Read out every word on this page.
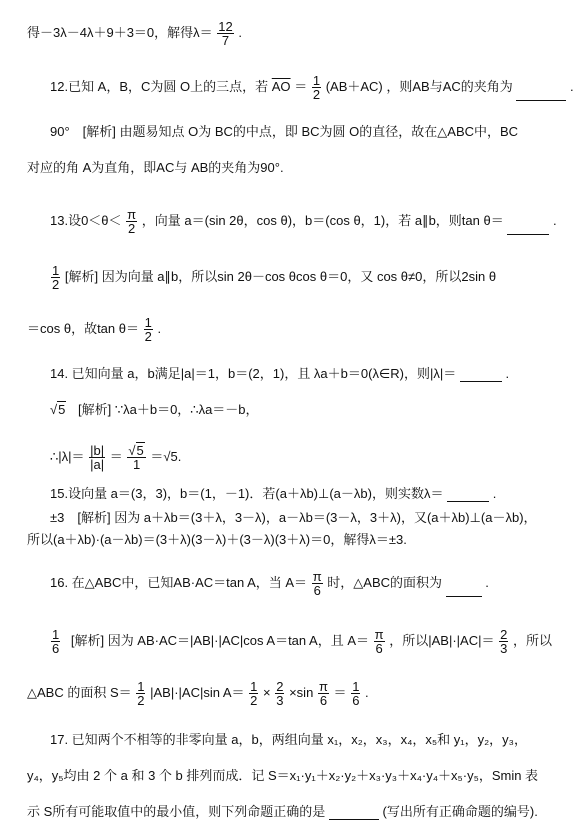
得－3λ－4λ＋9＋3＝0，解得$\lambda= \frac{12}{7}$ .
12.已知 A，B，C为圆 O上的三点，若 $\overline{AO} = \frac{1}{2} (AB+AC)$ ，则AB与AC的夹角为	.
90°　[解析] 由题易知点 O为 BC的中点，即 BC为圆 O的直径，故在△ABC中，BC
对应的角 A为直角，即AC与 AB的夹角为90°.
13.设$0<\theta< \frac{\pi}{2}$ ，向量 a＝(sin 2θ，cos θ)，b＝(cos θ，1)，若 a∥b，则tan θ＝	.
$\frac{1}{2}$ [解析] 因为向量 a∥b，所以sin 2θ－cos θcos θ＝0，又 cos θ≠0，所以2sin θ
＝cos θ，故$\tan \theta= \frac{1}{2}$ .
14. 已知向量 a，b满足|a|＝1，b＝(2，1)，且 λa＋b＝0(λ∈R)，则|λ|＝	.
√5 [解析] ∵λa＋b＝0，∴λa＝－b，
∴|λ|＝ $\frac{|b|}{|a|} = \frac{√5}{1} =√5$.
15.设向量 a＝(3，3)，b＝(1，－1)．若(a＋λb)⊥(a－λb)，则实数λ＝	.
±3　[解析] 因为 a＋λb＝(3＋λ，3－λ)，a－λb＝(3－λ，3＋λ)，又(a＋λb)⊥(a－λb)，
所以(a＋λb)·(a－λb)＝(3＋λ)(3－λ)＋(3－λ)(3＋λ)＝0，解得λ＝±3.
16. 在△ABC中，已知AB·AC＝tan A，当 $A= \frac{\pi}{6}$ 时，△ABC的面积为	.
$\frac{1}{6}$ [解析] 因为 AB·AC＝|AB|·|AC|cos A＝tan A，且 $A= \frac{\pi}{6}$ ，所以$|AB|\cdot|AC|= \frac{2}{3}$ ，所以
△ABC 的面积 $S= \frac{1}{2} |AB|\cdot|AC|\sin$ $A= \frac{1}{2} \times \frac{2}{3} \times\sin \frac{\pi}{6} = \frac{1}{6}$ .
17. 已知两个不相等的非零向量 a，b，两组向量 x₁，x₂，x₃，x₄，x₅和 y₁，y₂，y₃，
y₄，y₅均由 2 个 a 和 3 个 b 排列而成．记 S＝x₁·y₁＋x₂·y₂＋x₃·y₃＋x₄·y₄＋x₅·y₅，Smin 表
示 S所有可能取值中的最小值，则下列命题正确的是	(写出所有正确命题的编号).
